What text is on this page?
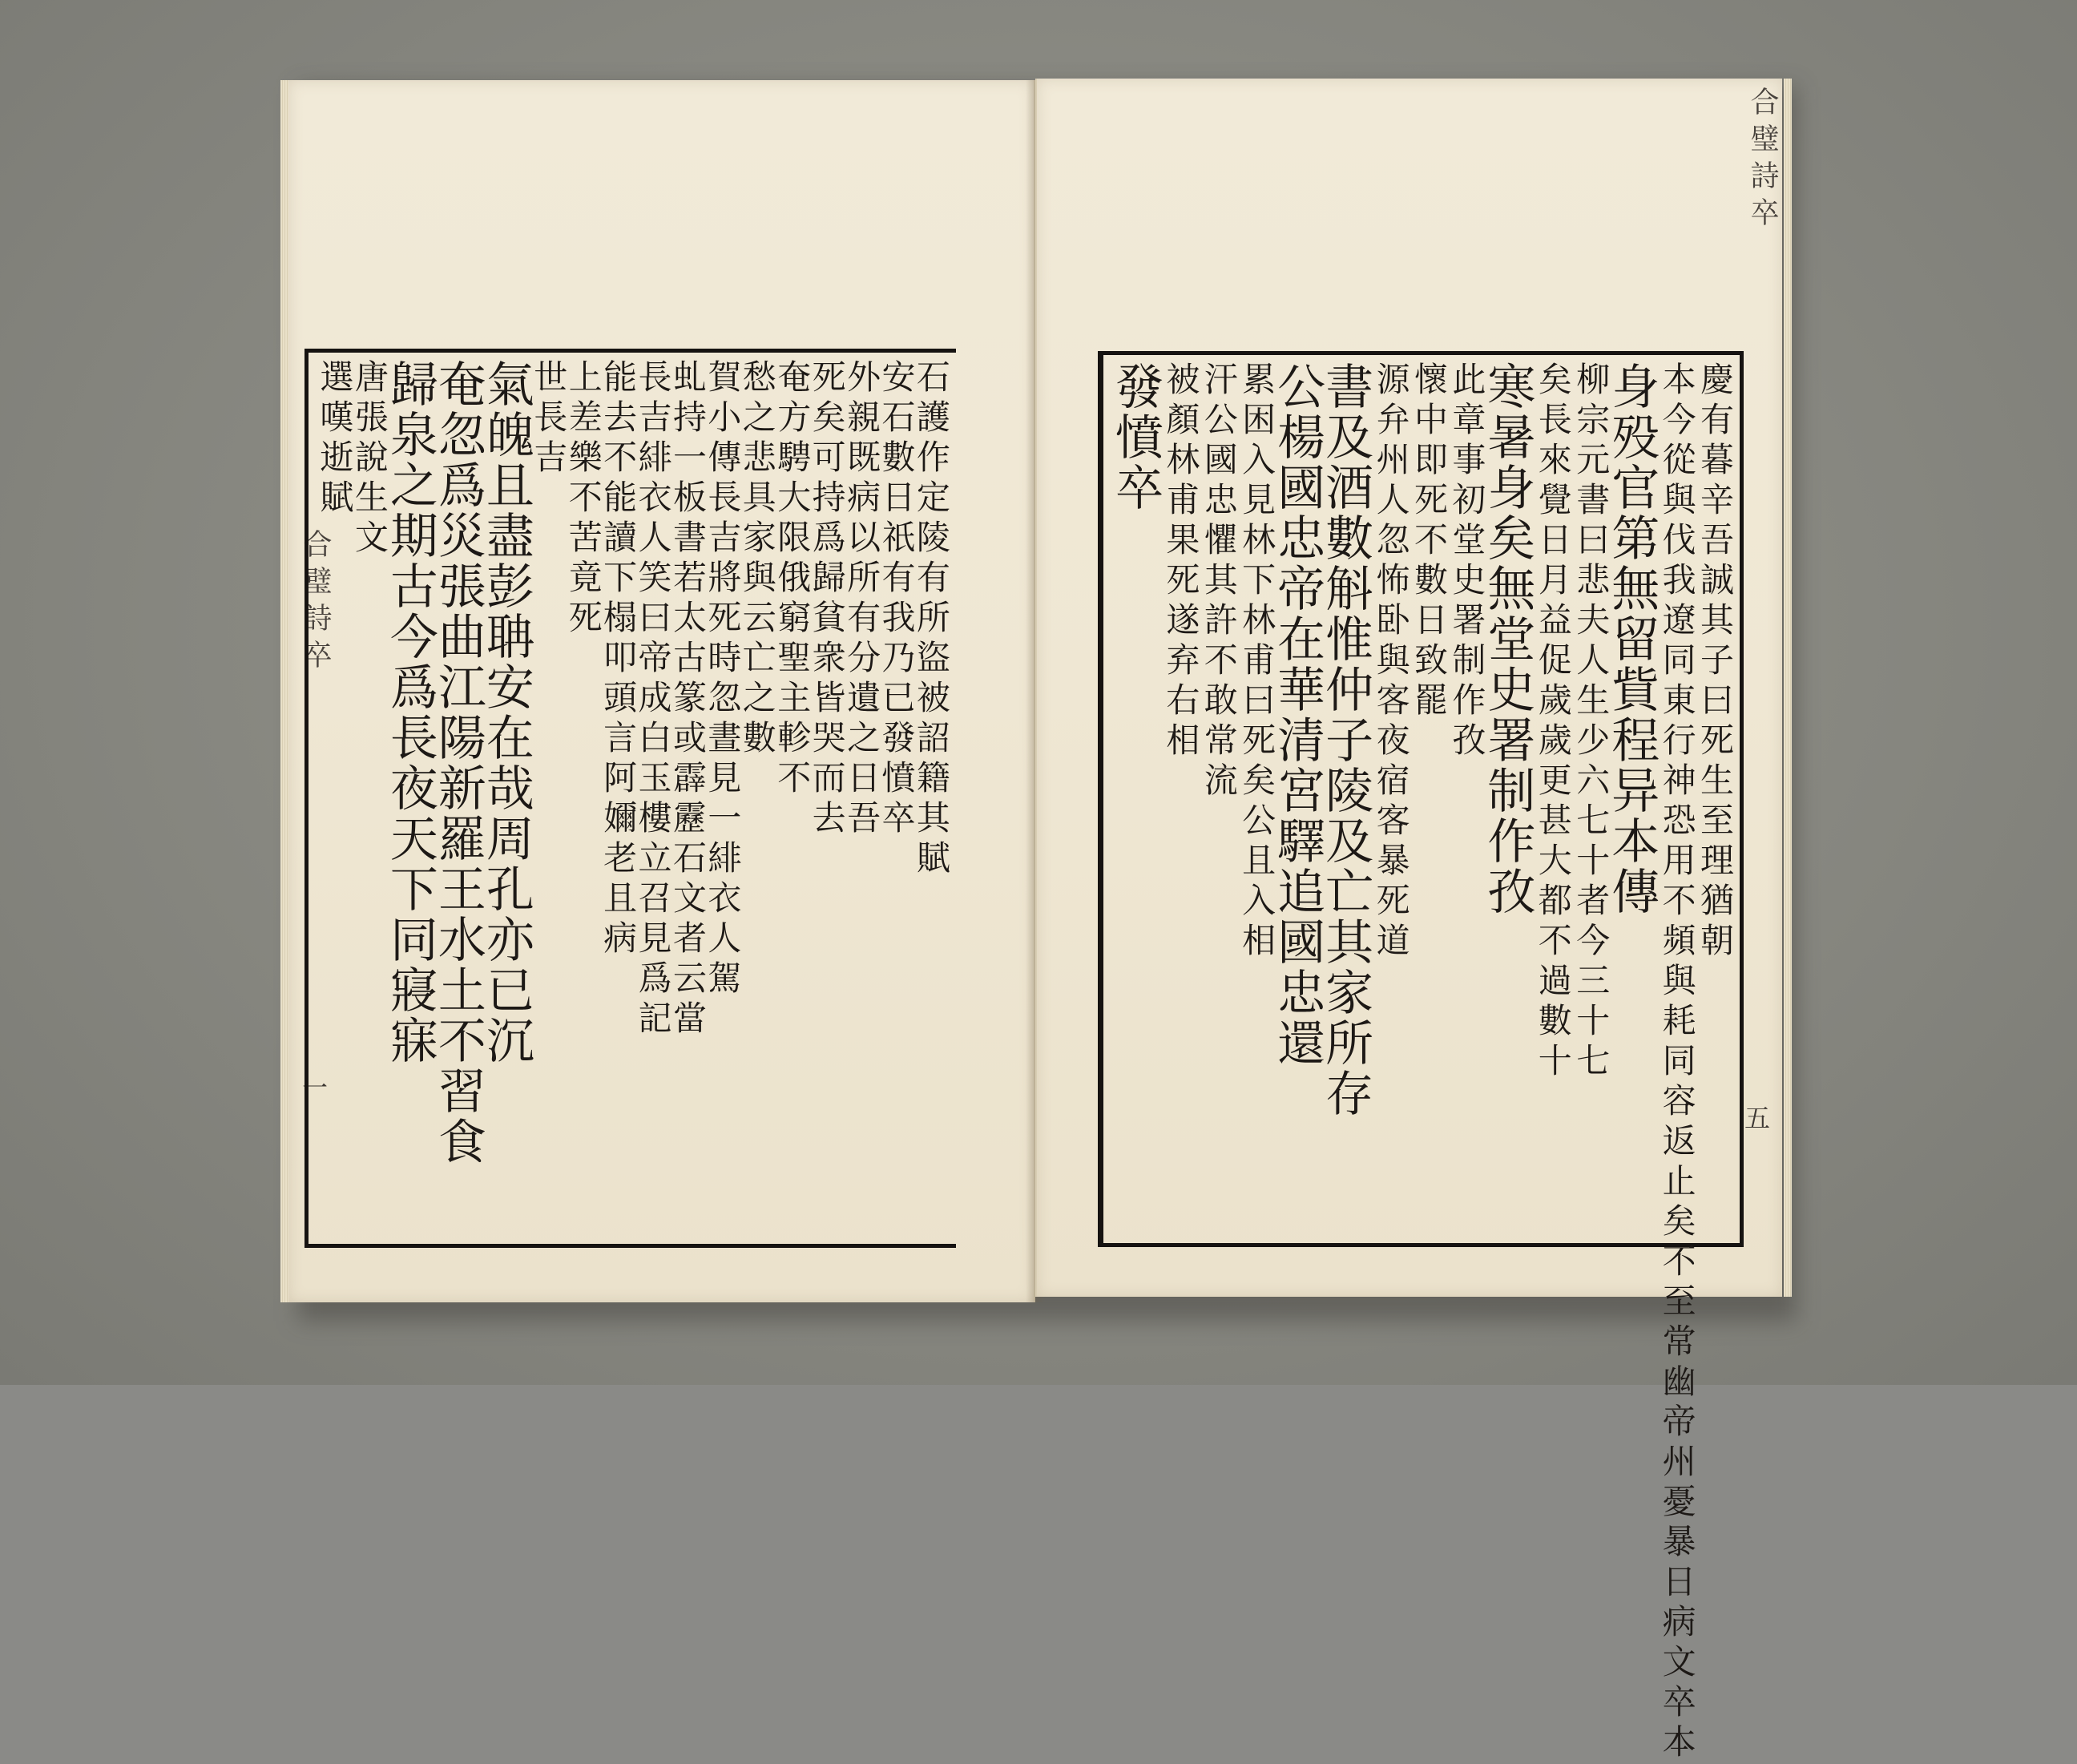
合璧詩卒
一
石護作定陵有所盜被詔籍其賦
安石數日祇有我乃已發憤卒
外親既病以所有分遺之日吾
死矣可持爲歸貧衆皆哭而去
奄方騁大限俄窮聖主軫不
愁之悲具家與云亡之數
賀小傳長吉將死時忽晝見一緋衣人駕
虬持一板書若太古篆或霹靂石文者云當
長吉緋衣人笑曰帝成白玉樓立召見爲記
能去不能讀下榻叩頭言阿嬭老且病
上差樂不苦竟死
世長吉
氣魄且盡彭聃安在哉周孔亦已沉
奄忽爲災張曲江陽新羅王水土不習食
歸泉之期古今爲長夜天下同寢寐
唐張說生文
選嘆逝賦
合璧詩卒
五
慶有暮辛吾誠其子曰死生至理猶朝
本今從與伐我遼同東行神恐用不頻與耗同容返止矣不至常幽帝州憂暴日病文卒本
身殁官第無留貲程异本傳
柳宗元書曰悲夫人生少六七十者今三十七
矣長來覺日月益促歲歲更甚大都不過數十
寒暑身矣無堂史署制作孜
此章事初堂史署制作孜
懷中即死不數日致罷
源弁州人忽怖卧與客夜宿客暴死道
書及酒數斛惟仲子陵及亡其家所存
公楊國忠帝在華清宮驛追國忠還
累困入見林下林甫曰死矣公且入相
汗公國忠懼其許不敢常流
被顏林甫果死遂弃右相
發憤卒
